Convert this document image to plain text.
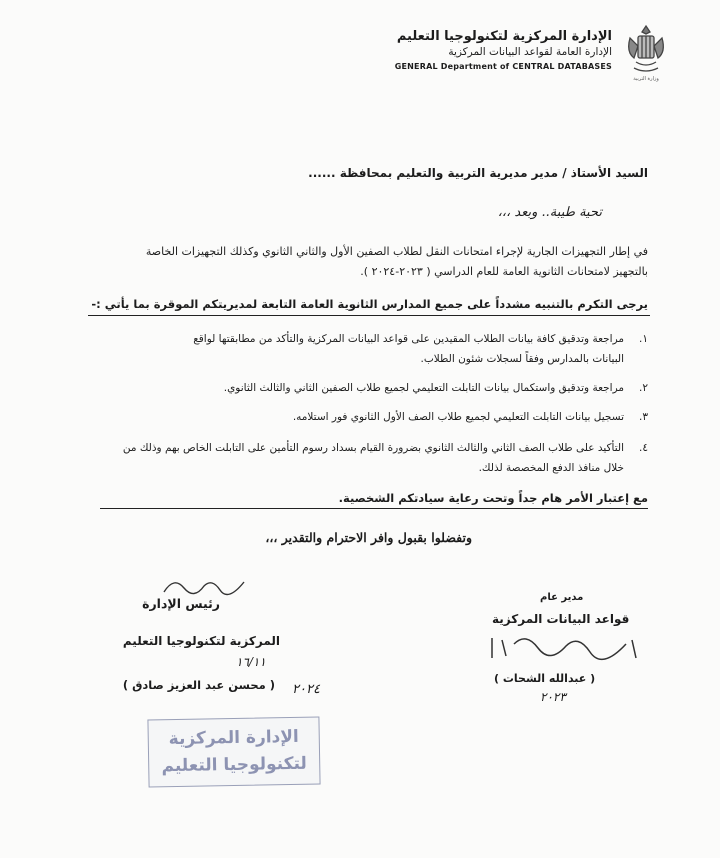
وزارة التربية
الإدارة المركزية لتكنولوجيا التعليم
الإدارة العامة لقواعد البيانات المركزية
GENERAL Department of CENTRAL DATABASES
السيد الأستاذ / مدير مديرية التربية والتعليم بمحافظة ......
تحية طيبة.. وبعد ،،،
في إطار التجهيزات الجارية لإجراء امتحانات النقل لطلاب الصفين الأول والثاني الثانوي وكذلك التجهيزات الخاصة
بالتجهيز لامتحانات الثانوية العامة للعام الدراسي ( ٢٠٢٣-٢٠٢٤ ).
يرجى التكرم بالتنبيه مشدداً على جميع المدارس الثانوية العامة التابعة لمديريتكم الموقرة بما يأتي :-
١.
مراجعة وتدقيق كافة بيانات الطلاب المقيدين على قواعد البيانات المركزية والتأكد من مطابقتها لواقع
البيانات بالمدارس وفقاً لسجلات شئون الطلاب.
٢.
مراجعة وتدقيق واستكمال بيانات التابلت التعليمي لجميع طلاب الصفين الثاني والثالث الثانوي.
٣.
تسجيل بيانات التابلت التعليمي لجميع طلاب الصف الأول الثانوي فور استلامه.
٤.
التأكيد على طلاب الصف الثاني والثالث الثانوي بضرورة القيام بسداد رسوم التأمين على التابلت الخاص بهم وذلك من
خلال منافذ الدفع المخصصة لذلك.
مع إعتبار الأمر هام جداً وتحت رعاية سيادتكم الشخصية.
وتفضلوا بقبول وافر الاحترام والتقدير ،،،
رئيس الإدارة
المركزية لتكنولوجيا التعليم
١٦/١١
( محسن عبد العزيز صادق ) ٢٠٢٤
مدير عام
قواعد البيانات المركزية
( عبدالله الشحات )
٢٠٢٣
الإدارة المركزية
لتكنولوجيا التعليم
